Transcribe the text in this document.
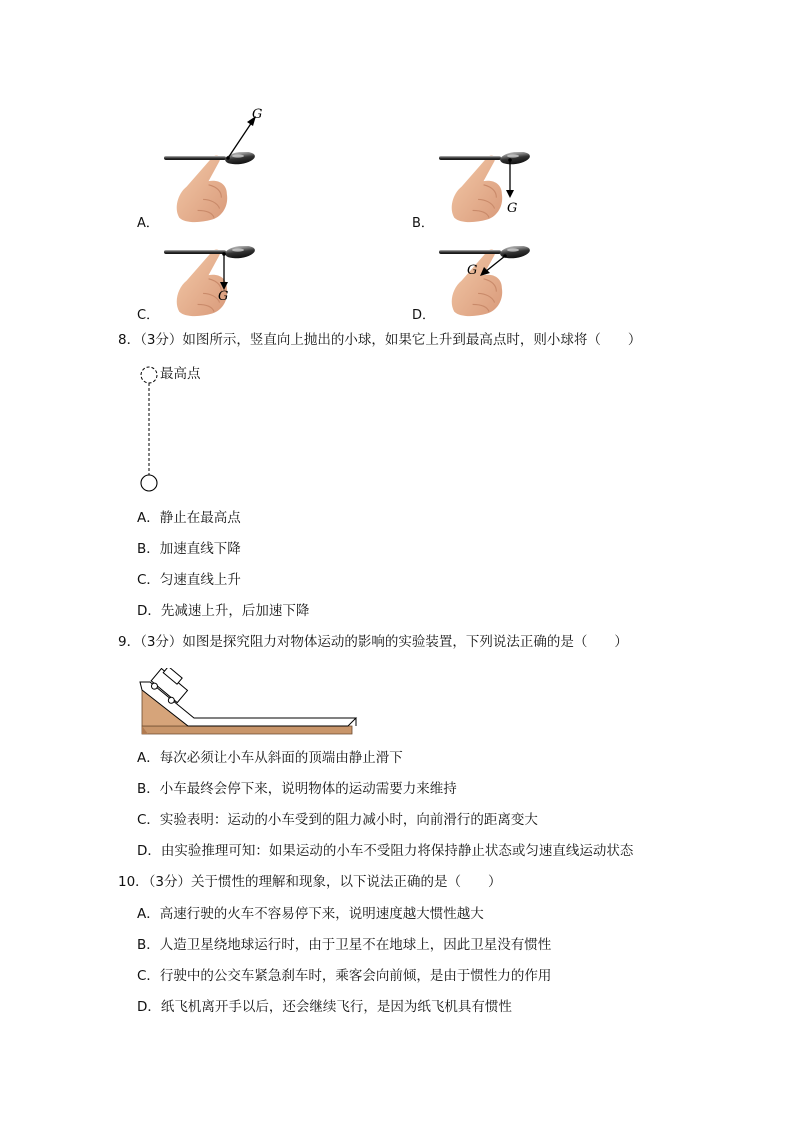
A．
G
B．
G
C．
G
D．
G
8．（3分）如图所示，竖直向上抛出的小球，如果它上升到最高点时，则小球将（　　）
最高点
A．静止在最高点
B．加速直线下降
C．匀速直线上升
D．先减速上升，后加速下降
9．（3分）如图是探究阻力对物体运动的影响的实验装置，下列说法正确的是（　　）
A．每次必须让小车从斜面的顶端由静止滑下
B．小车最终会停下来，说明物体的运动需要力来维持
C．实验表明：运动的小车受到的阻力减小时，向前滑行的距离变大
D．由实验推理可知：如果运动的小车不受阻力将保持静止状态或匀速直线运动状态
10．（3分）关于惯性的理解和现象，以下说法正确的是（　　）
A．高速行驶的火车不容易停下来，说明速度越大惯性越大
B．人造卫星绕地球运行时，由于卫星不在地球上，因此卫星没有惯性
C．行驶中的公交车紧急刹车时，乘客会向前倾，是由于惯性力的作用
D．纸飞机离开手以后，还会继续飞行，是因为纸飞机具有惯性
